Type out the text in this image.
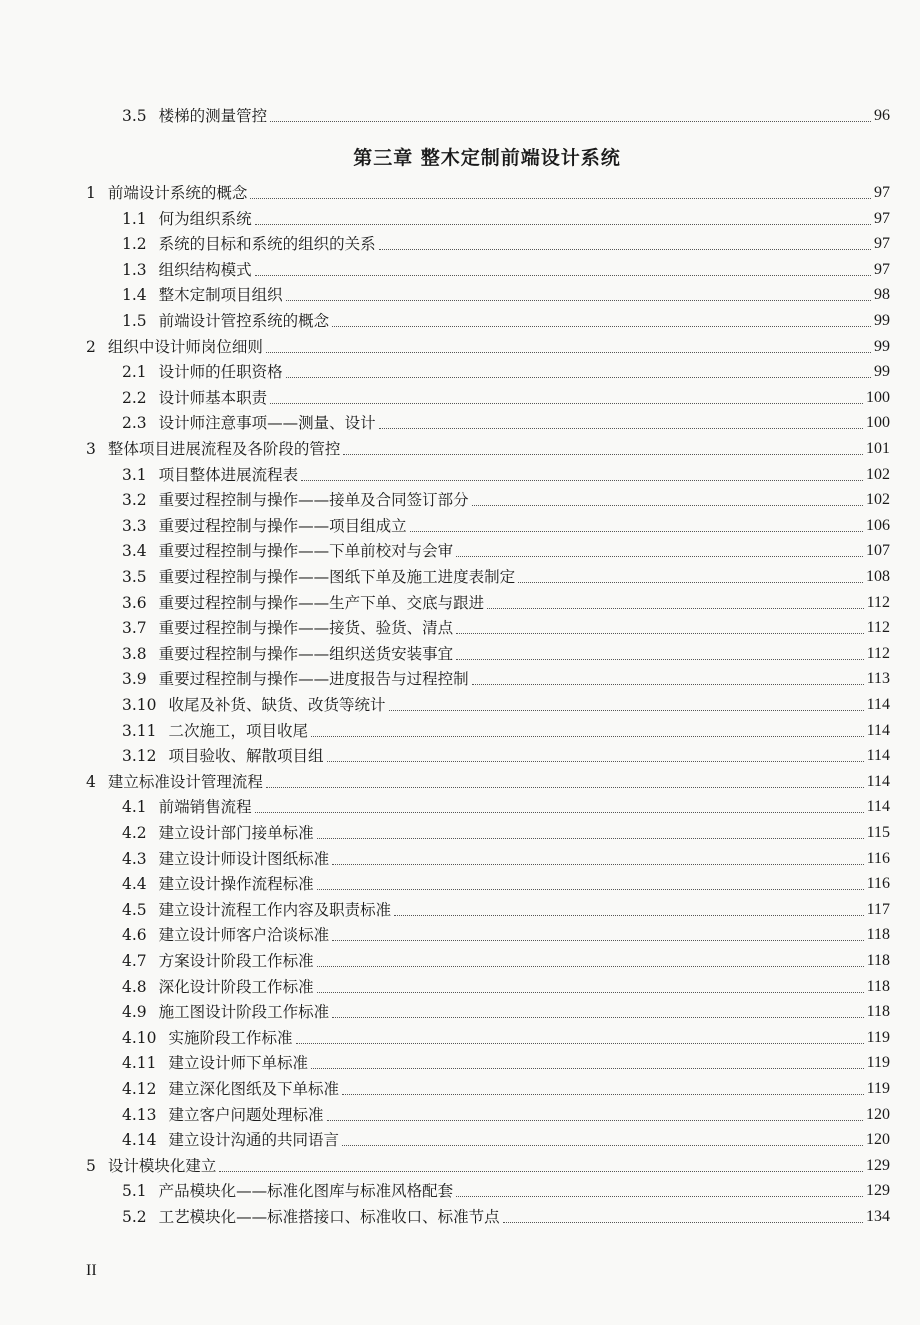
3.5 楼梯的测量管控	96
第三章 整木定制前端设计系统
1 前端设计系统的概念	97
1.1 何为组织系统	97
1.2 系统的目标和系统的组织的关系	97
1.3 组织结构模式	97
1.4 整木定制项目组织	98
1.5 前端设计管控系统的概念	99
2 组织中设计师岗位细则	99
2.1 设计师的任职资格	99
2.2 设计师基本职责	100
2.3 设计师注意事项——测量、设计	100
3 整体项目进展流程及各阶段的管控	101
3.1 项目整体进展流程表	102
3.2 重要过程控制与操作——接单及合同签订部分	102
3.3 重要过程控制与操作——项目组成立	106
3.4 重要过程控制与操作——下单前校对与会审	107
3.5 重要过程控制与操作——图纸下单及施工进度表制定	108
3.6 重要过程控制与操作——生产下单、交底与跟进	112
3.7 重要过程控制与操作——接货、验货、清点	112
3.8 重要过程控制与操作——组织送货安装事宜	112
3.9 重要过程控制与操作——进度报告与过程控制	113
3.10 收尾及补货、缺货、改货等统计	114
3.11 二次施工，项目收尾	114
3.12 项目验收、解散项目组	114
4 建立标准设计管理流程	114
4.1 前端销售流程	114
4.2 建立设计部门接单标准	115
4.3 建立设计师设计图纸标准	116
4.4 建立设计操作流程标准	116
4.5 建立设计流程工作内容及职责标准	117
4.6 建立设计师客户洽谈标准	118
4.7 方案设计阶段工作标准	118
4.8 深化设计阶段工作标准	118
4.9 施工图设计阶段工作标准	118
4.10 实施阶段工作标准	119
4.11 建立设计师下单标准	119
4.12 建立深化图纸及下单标准	119
4.13 建立客户问题处理标准	120
4.14 建立设计沟通的共同语言	120
5 设计模块化建立	129
5.1 产品模块化——标准化图库与标准风格配套	129
5.2 工艺模块化——标准搭接口、标准收口、标准节点	134
II
